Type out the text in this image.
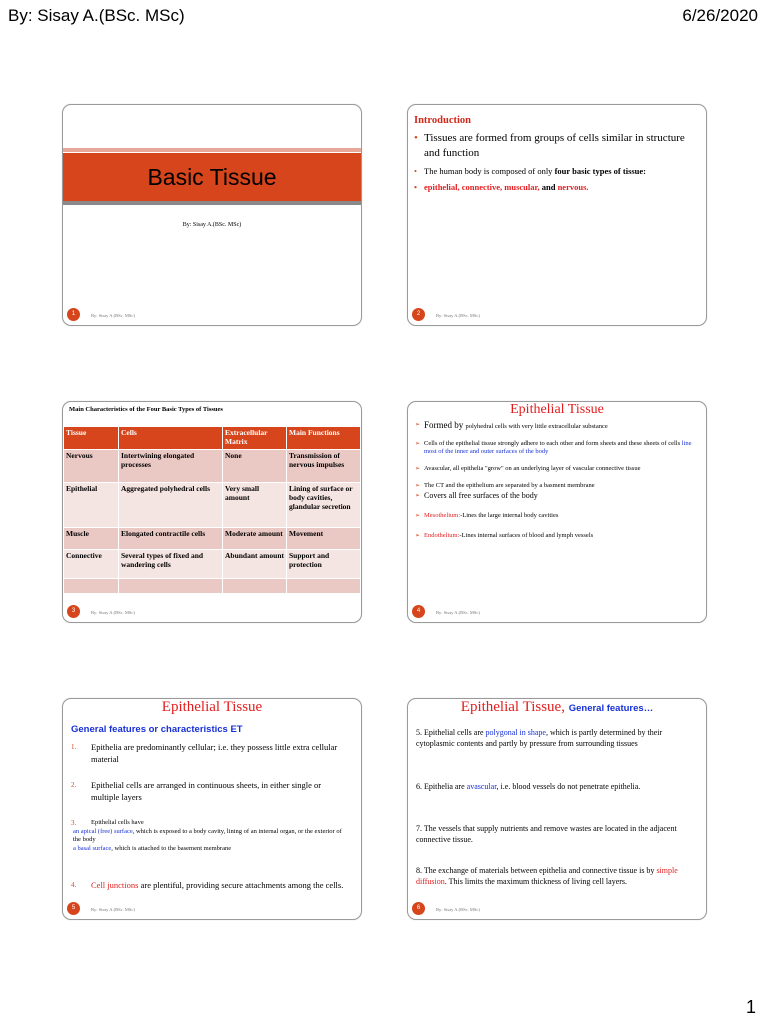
By: Sisay A.(BSc. MSc)	6/26/2020
Basic Tissue
By: Sisay A.(BSc. MSc)
1	By: Sisay A.(BSc. MSc)
Introduction
• Tissues are formed from groups of cells similar in structure and function
• The human body is composed of only four basic types of tissue:
• epithelial, connective, muscular, and nervous.
2	By: Sisay A.(BSc. MSc)
Main Characteristics of the Four Basic Types of Tissues
Tissue	Cells	Extracellular Matrix	Main Functions
Nervous	Intertwining elongated processes	None	Transmission of nervous impulses
Epithelial	Aggregated polyhedral cells	Very small amount	Lining of surface or body cavities, glandular secretion
Muscle	Elongated contractile cells	Moderate amount	Movement
Connective	Several types of fixed and wandering cells	Abundant amount	Support and protection

3	By: Sisay A.(BSc. MSc)
Epithelial Tissue
➢ Formed by polyhedral cells with very little extracellular substance
➢ Cells of the epithelial tissue strongly adhere to each other and form sheets and these sheets of cells line most of the inner and outer surfaces of the body
➢ Avascular, all epithelia "grow" on an underlying layer of vascular connective tissue
➢ The CT and the epithelium are separated by a basment membrane
➢ Covers all free surfaces of the body
➢ Mesothelium:-Lines the large internal body cavities
➢ Endothelium:-Lines internal surfaces of blood and lymph vessels
4	By: Sisay A.(BSc. MSc)
Epithelial Tissue
General features or characteristics ET
1.	Epithelia are predominantly cellular; i.e. they possess little extra cellular material
2.	Epithelial cells are arranged in continuous sheets, in either single or multiple layers
3.	Epithelial cells have
an apical (free) surface, which is exposed to a body cavity, lining of an internal organ, or the exterior of the body
a basal surface, which is attached to the basement membrane
4.	Cell junctions are plentiful, providing secure attachments among the cells.
5	By: Sisay A.(BSc. MSc)
Epithelial Tissue, General features…
5. Epithelial cells are polygonal in shape, which is partly determined by their cytoplasmic contents and partly by pressure from surrounding tissues
6. Epithelia are avascular, i.e. blood vessels do not penetrate epithelia.
7. The vessels that supply nutrients and remove wastes are located in the adjacent connective tissue.
8. The exchange of materials between epithelia and connective tissue is by simple diffusion. This limits the maximum thickness of living cell layers.
6	By: Sisay A.(BSc. MSc)
1
